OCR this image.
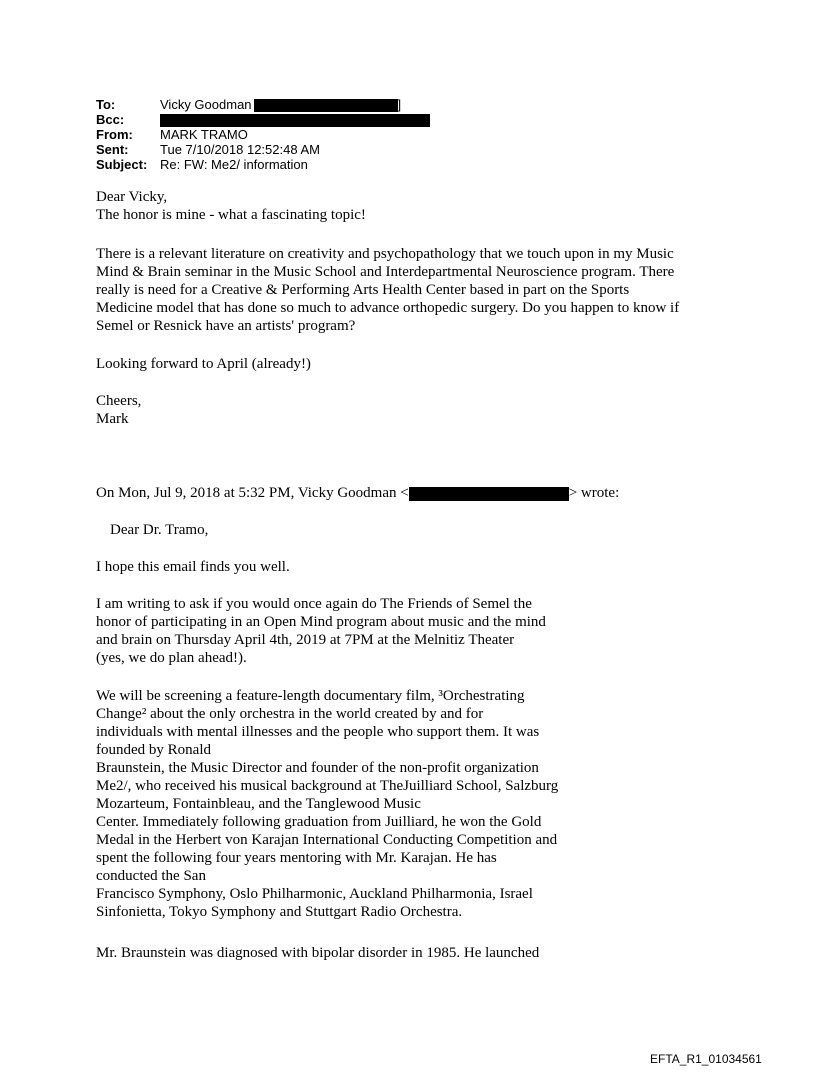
To:	Vicky Goodman	]
Bcc:
From: MARK TRAMO
Sent: Tue 7/10/2018 12:52:48 AM
Subject: Re: FW: Me2/ information

Dear Vicky,

The honor is mine - what a fascinating topic!

There is a relevant literature on creativity and psychopathology that we touch upon in my Music

Mind & Brain seminar in the Music School and Interdepartmental Neuroscience program. There

really is need for a Creative & Performing Arts Health Center based in part on the Sports

Medicine model that has done so much to advance orthopedic surgery. Do you happen to know if

Semel or Resnick have an artists' program?

Looking forward to April (already!)

Cheers,

Mark

On Mon, Jul 9, 2018 at 5:32 PM, Vicky Goodman <	> wrote:

Dear Dr. Tramo,

I hope this email finds you well.

I am writing to ask if you would once again do The Friends of Semel the

honor of participating in an Open Mind program about music and the mind

and brain on Thursday April 4th, 2019 at 7PM at the Melnitiz Theater

(yes, we do plan ahead!).

We will be screening a feature-length documentary film, ³Orchestrating

Change² about the only orchestra in the world created by and for

individuals with mental illnesses and the people who support them. It was

founded by Ronald

Braunstein, the Music Director and founder of the non-profit organization

Me2/, who received his musical background at TheJuilliard School, Salzburg

Mozarteum, Fontainbleau, and the Tanglewood Music

Center. Immediately following graduation from Juilliard, he won the Gold

Medal in the Herbert von Karajan International Conducting Competition and

spent the following four years mentoring with Mr. Karajan. He has

conducted the San

Francisco Symphony, Oslo Philharmonic, Auckland Philharmonia, Israel

Sinfonietta, Tokyo Symphony and Stuttgart Radio Orchestra.

Mr. Braunstein was diagnosed with bipolar disorder in 1985. He launched

EFTA_R1_01034561
